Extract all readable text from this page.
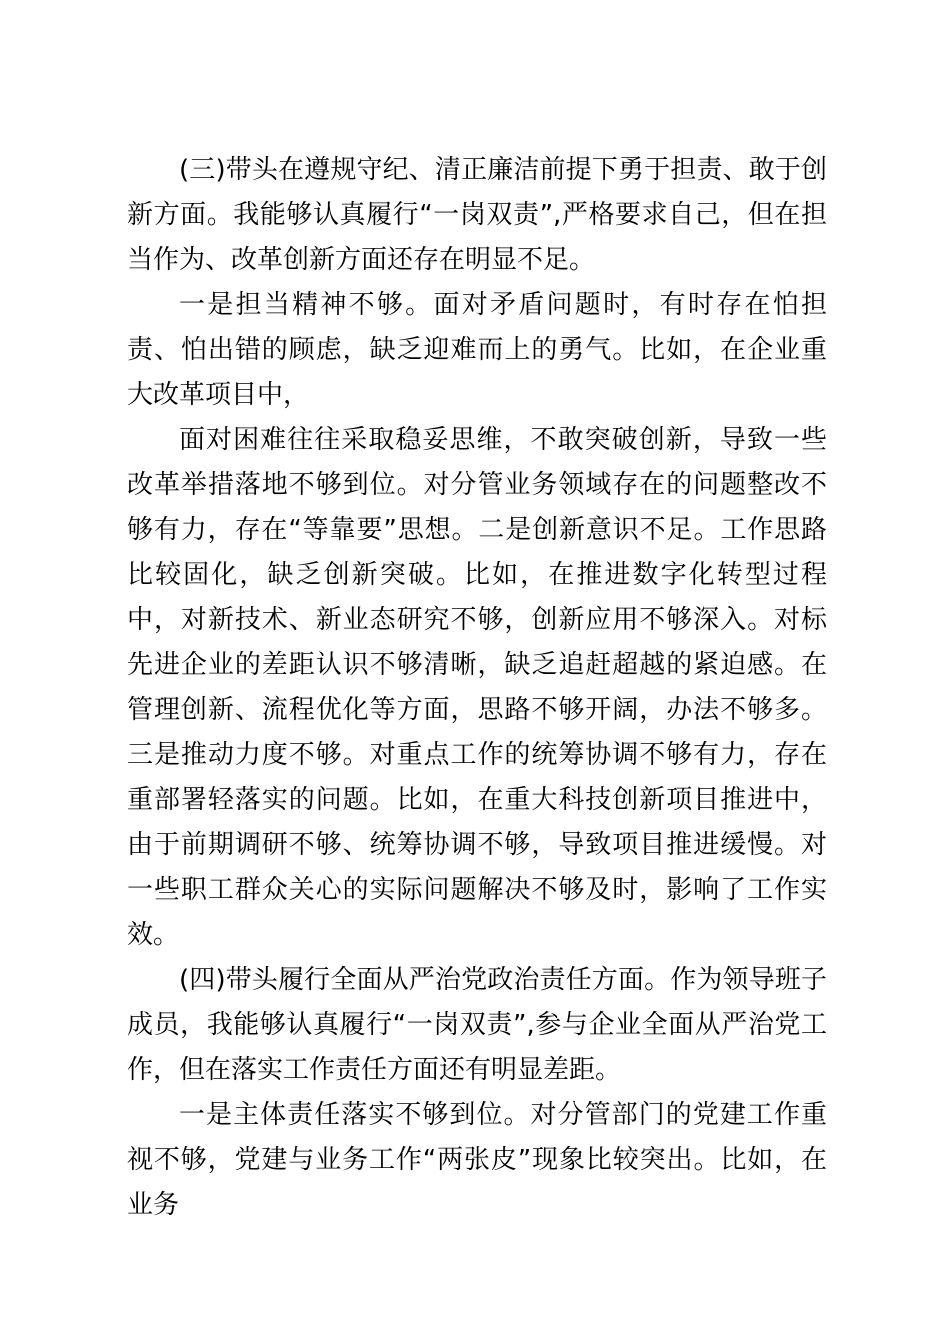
(三)带头在遵规守纪、清正廉洁前提下勇于担责、敢于创新方面。我能够认真履行“一岗双责”,严格要求自己，但在担当作为、改革创新方面还存在明显不足。

一是担当精神不够。面对矛盾问题时，有时存在怕担责、怕出错的顾虑，缺乏迎难而上的勇气。比如，在企业重大改革项目中，

面对困难往往采取稳妥思维，不敢突破创新，导致一些改革举措落地不够到位。对分管业务领域存在的问题整改不够有力，存在“等靠要”思想。二是创新意识不足。工作思路比较固化，缺乏创新突破。比如，在推进数字化转型过程中，对新技术、新业态研究不够，创新应用不够深入。对标先进企业的差距认识不够清晰，缺乏追赶超越的紧迫感。在管理创新、流程优化等方面，思路不够开阔，办法不够多。三是推动力度不够。对重点工作的统筹协调不够有力，存在重部署轻落实的问题。比如，在重大科技创新项目推进中，由于前期调研不够、统筹协调不够，导致项目推进缓慢。对一些职工群众关心的实际问题解决不够及时，影响了工作实效。

(四)带头履行全面从严治党政治责任方面。作为领导班子成员，我能够认真履行“一岗双责”,参与企业全面从严治党工作，但在落实工作责任方面还有明显差距。

一是主体责任落实不够到位。对分管部门的党建工作重视不够，党建与业务工作“两张皮”现象比较突出。比如，在业务
